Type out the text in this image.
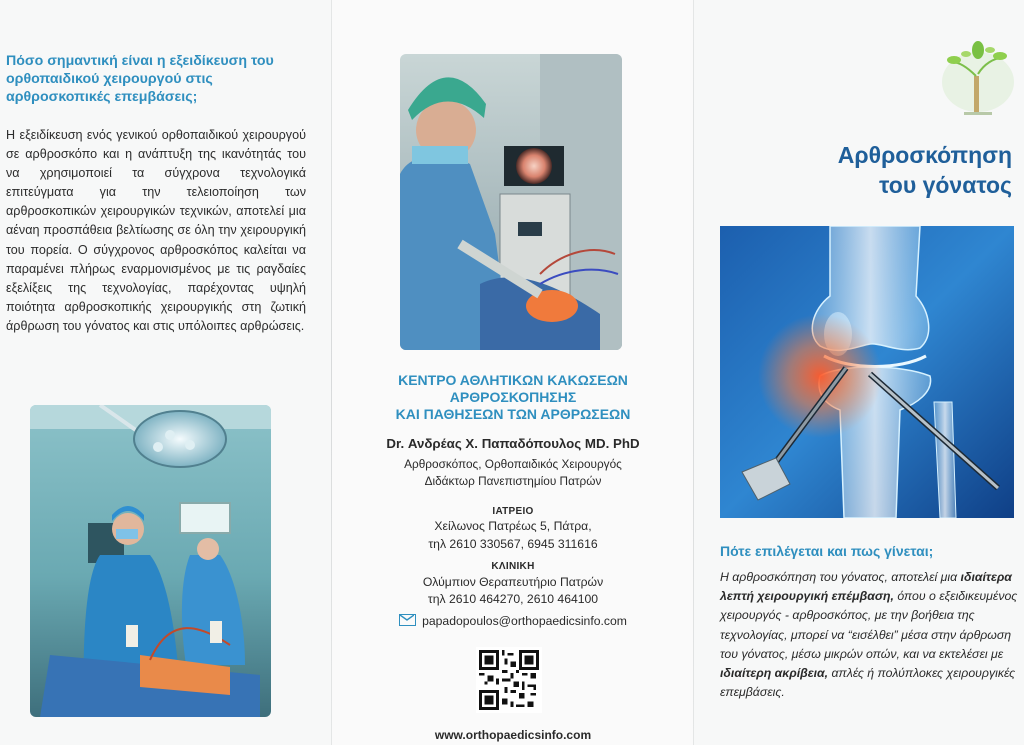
Πόσο σημαντική είναι η εξειδίκευση του ορθοπαιδικού χειρουργού στις αρθροσκοπικές επεμβάσεις;
Η εξειδίκευση ενός γενικού ορθοπαιδικού χειρουργού σε αρθροσκόπο και η ανάπτυξη της ικανότητάς του να χρησιμοποιεί τα σύγχρονα τεχνολογικά επιτεύγματα για την τελειοποίηση των αρθροσκοπικών χειρουργικών τεχνικών, αποτελεί μια αέναη προσπάθεια βελτίωσης σε όλη την χειρουργική του πορεία. Ο σύγχρονος αρθροσκόπος καλείται να παραμένει πλήρως εναρμονισμένος με τις ραγδαίες εξελίξεις της τεχνολογίας, παρέχοντας υψηλή ποιότητα αρθροσκοπικής χειρουργικής στη ζωτική άρθρωση του γόνατος και στις υπόλοιπες αρθρώσεις.
ΚΕΝΤΡΟ ΑΘΛΗΤΙΚΩΝ ΚΑΚΩΣΕΩΝ
ΑΡΘΡΟΣΚΟΠΗΣΗΣ
ΚΑΙ ΠΑΘΗΣΕΩΝ ΤΩΝ ΑΡΘΡΩΣΕΩΝ
Dr. Ανδρέας Χ. Παπαδόπουλος MD. PhD
Αρθροσκόπος, Ορθοπαιδικός Χειρουργός
Διδάκτωρ Πανεπιστημίου Πατρών
ΙΑΤΡΕΙΟ
Χείλωνος Πατρέως 5, Πάτρα,
τηλ 2610 330567, 6945 311616
ΚΛΙΝΙΚΗ
Ολύμπιον Θεραπευτήριο Πατρών
τηλ 2610 464270, 2610 464100
papadopoulos@orthopaedicsinfo.com
www.orthopaedicsinfo.com
Αρθροσκόπηση
του γόνατος
Πότε επιλέγεται και πως γίνεται;
Η αρθροσκόπηση του γόνατος, αποτελεί μια ιδιαίτερα λεπτή χειρουργική επέμβαση, όπου ο εξειδικευμένος χειρουργός - αρθροσκόπος, με την βοήθεια της τεχνολογίας, μπορεί να “εισέλθει” μέσα στην άρθρωση του γόνατος, μέσω μικρών οπών, και να εκτελέσει με ιδιαίτερη ακρίβεια, απλές ή πολύπλοκες χειρουργικές επεμβάσεις.
